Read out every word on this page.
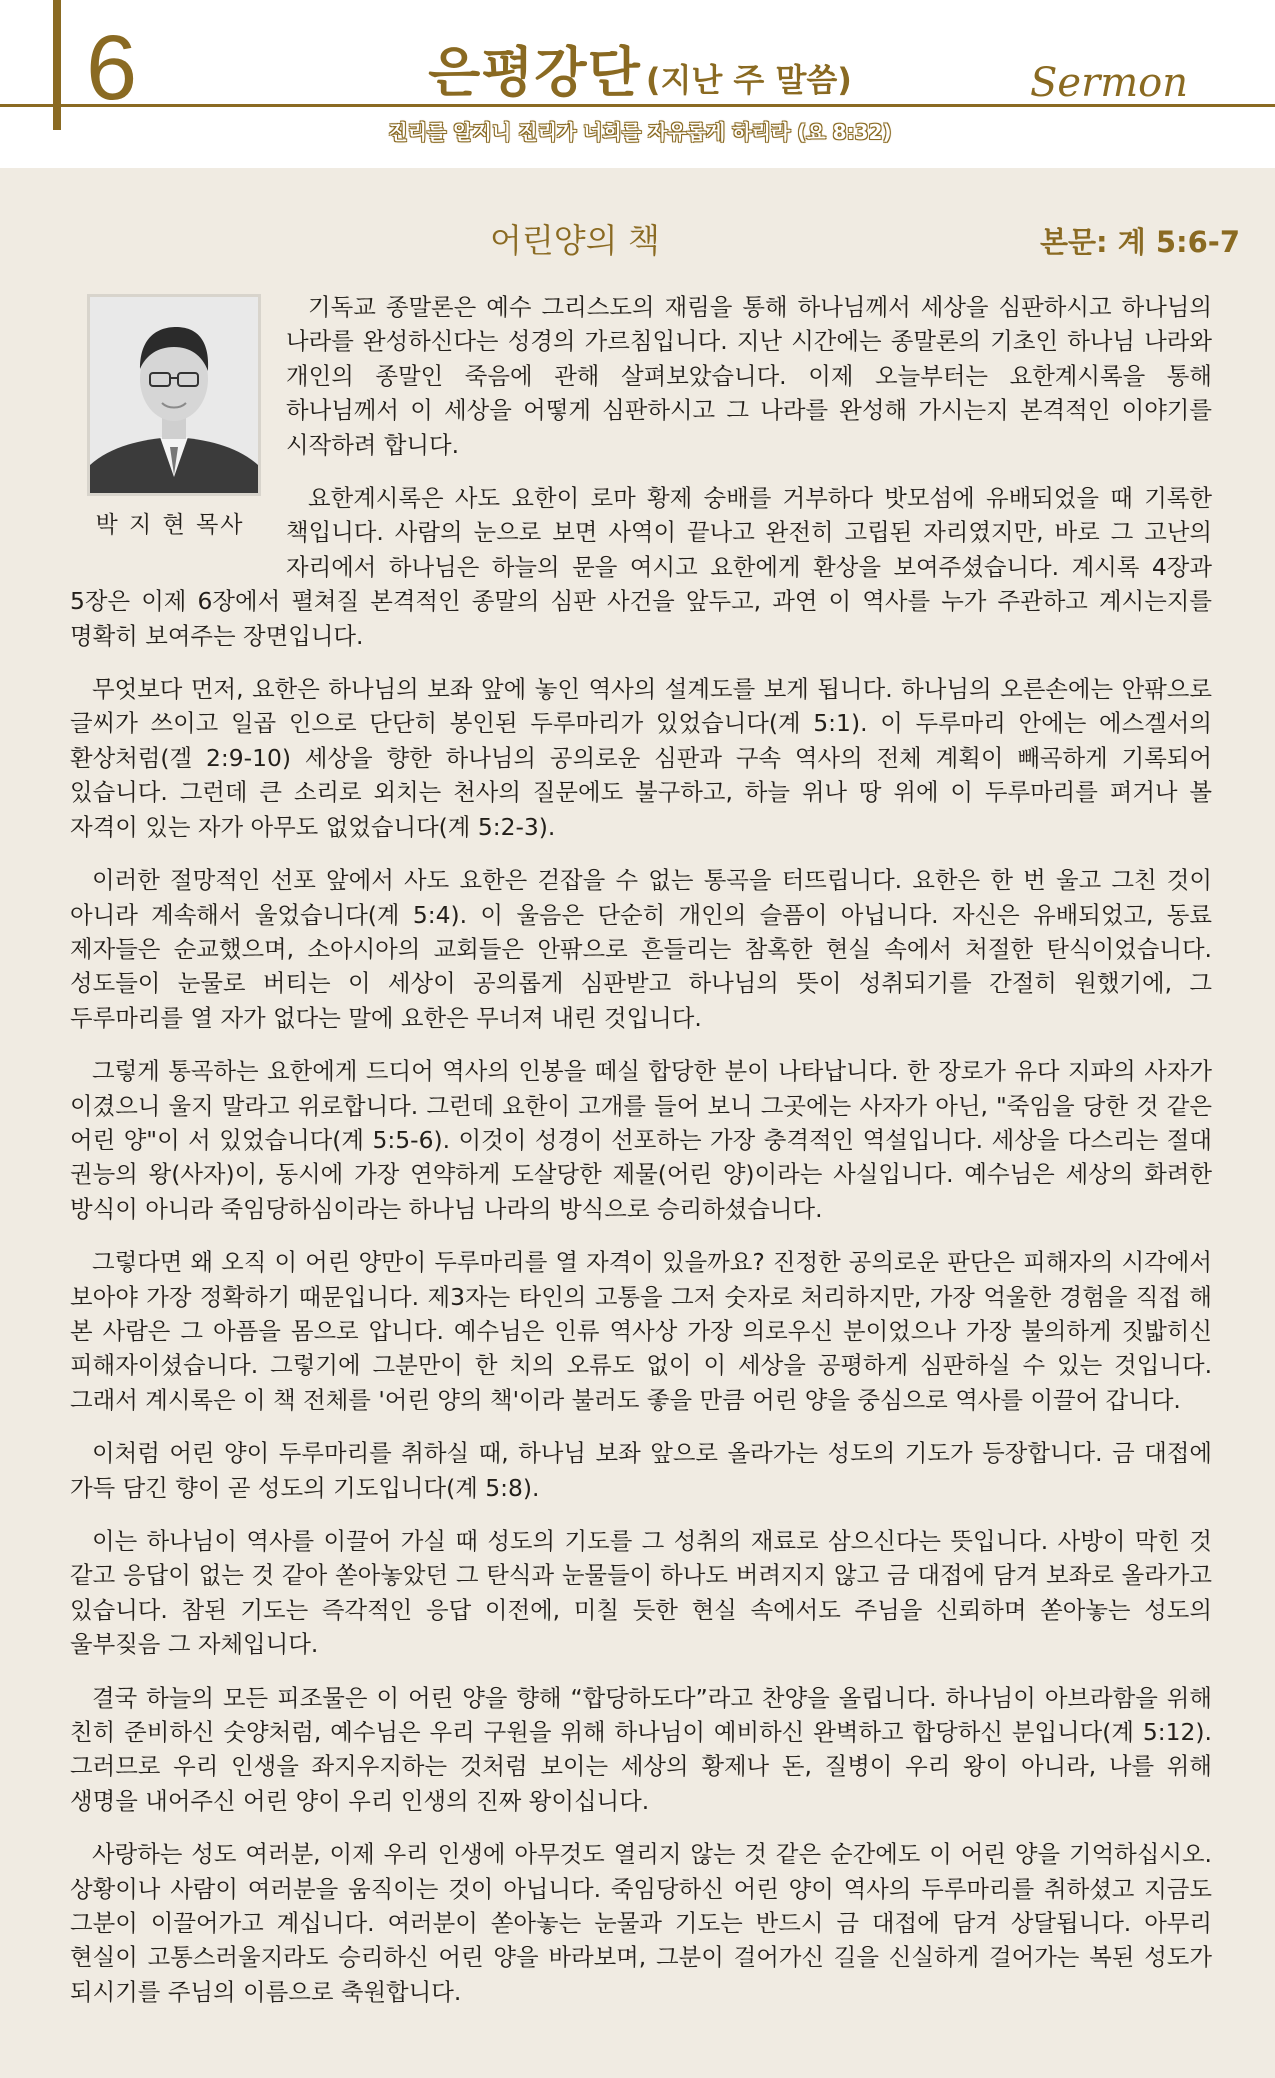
6	은평강단 (지난 주 말씀)	Sermon
진리를 알지니 진리가 너희를 자유롭게 하리라 (요 8:32)
어린양의 책	본문: 계 5:6-7
박 지 현 목사

기독교 종말론은 예수 그리스도의 재림을 통해 하나님께서 세상을 심판하시고 하나님의 나라를 완성하신다는 성경의 가르침입니다. 지난 시간에는 종말론의 기초인 하나님 나라와 개인의 종말인 죽음에 관해 살펴보았습니다. 이제 오늘부터는 요한계시록을 통해 하나님께서 이 세상을 어떻게 심판하시고 그 나라를 완성해 가시는지 본격적인 이야기를 시작하려 합니다.

요한계시록은 사도 요한이 로마 황제 숭배를 거부하다 밧모섬에 유배되었을 때 기록한 책입니다. 사람의 눈으로 보면 사역이 끝나고 완전히 고립된 자리였지만, 바로 그 고난의 자리에서 하나님은 하늘의 문을 여시고 요한에게 환상을 보여주셨습니다. 계시록 4장과 5장은 이제 6장에서 펼쳐질 본격적인 종말의 심판 사건을 앞두고, 과연 이 역사를 누가 주관하고 계시는지를 명확히 보여주는 장면입니다.

무엇보다 먼저, 요한은 하나님의 보좌 앞에 놓인 역사의 설계도를 보게 됩니다. 하나님의 오른손에는 안팎으로 글씨가 쓰이고 일곱 인으로 단단히 봉인된 두루마리가 있었습니다(계 5:1). 이 두루마리 안에는 에스겔서의 환상처럼(겔 2:9-10) 세상을 향한 하나님의 공의로운 심판과 구속 역사의 전체 계획이 빼곡하게 기록되어 있습니다. 그런데 큰 소리로 외치는 천사의 질문에도 불구하고, 하늘 위나 땅 위에 이 두루마리를 펴거나 볼 자격이 있는 자가 아무도 없었습니다(계 5:2-3).

이러한 절망적인 선포 앞에서 사도 요한은 걷잡을 수 없는 통곡을 터뜨립니다. 요한은 한 번 울고 그친 것이 아니라 계속해서 울었습니다(계 5:4). 이 울음은 단순히 개인의 슬픔이 아닙니다. 자신은 유배되었고, 동료 제자들은 순교했으며, 소아시아의 교회들은 안팎으로 흔들리는 참혹한 현실 속에서 처절한 탄식이었습니다. 성도들이 눈물로 버티는 이 세상이 공의롭게 심판받고 하나님의 뜻이 성취되기를 간절히 원했기에, 그 두루마리를 열 자가 없다는 말에 요한은 무너져 내린 것입니다.

그렇게 통곡하는 요한에게 드디어 역사의 인봉을 떼실 합당한 분이 나타납니다. 한 장로가 유다 지파의 사자가 이겼으니 울지 말라고 위로합니다. 그런데 요한이 고개를 들어 보니 그곳에는 사자가 아닌, "죽임을 당한 것 같은 어린 양"이 서 있었습니다(계 5:5-6). 이것이 성경이 선포하는 가장 충격적인 역설입니다. 세상을 다스리는 절대 권능의 왕(사자)이, 동시에 가장 연약하게 도살당한 제물(어린 양)이라는 사실입니다. 예수님은 세상의 화려한 방식이 아니라 죽임당하심이라는 하나님 나라의 방식으로 승리하셨습니다.

그렇다면 왜 오직 이 어린 양만이 두루마리를 열 자격이 있을까요? 진정한 공의로운 판단은 피해자의 시각에서 보아야 가장 정확하기 때문입니다. 제3자는 타인의 고통을 그저 숫자로 처리하지만, 가장 억울한 경험을 직접 해 본 사람은 그 아픔을 몸으로 압니다. 예수님은 인류 역사상 가장 의로우신 분이었으나 가장 불의하게 짓밟히신 피해자이셨습니다. 그렇기에 그분만이 한 치의 오류도 없이 이 세상을 공평하게 심판하실 수 있는 것입니다. 그래서 계시록은 이 책 전체를 '어린 양의 책'이라 불러도 좋을 만큼 어린 양을 중심으로 역사를 이끌어 갑니다.

이처럼 어린 양이 두루마리를 취하실 때, 하나님 보좌 앞으로 올라가는 성도의 기도가 등장합니다. 금 대접에 가득 담긴 향이 곧 성도의 기도입니다(계 5:8).

이는 하나님이 역사를 이끌어 가실 때 성도의 기도를 그 성취의 재료로 삼으신다는 뜻입니다. 사방이 막힌 것 같고 응답이 없는 것 같아 쏟아놓았던 그 탄식과 눈물들이 하나도 버려지지 않고 금 대접에 담겨 보좌로 올라가고 있습니다. 참된 기도는 즉각적인 응답 이전에, 미칠 듯한 현실 속에서도 주님을 신뢰하며 쏟아놓는 성도의 울부짖음 그 자체입니다.

결국 하늘의 모든 피조물은 이 어린 양을 향해 “합당하도다”라고 찬양을 올립니다. 하나님이 아브라함을 위해 친히 준비하신 숫양처럼, 예수님은 우리 구원을 위해 하나님이 예비하신 완벽하고 합당하신 분입니다(계 5:12). 그러므로 우리 인생을 좌지우지하는 것처럼 보이는 세상의 황제나 돈, 질병이 우리 왕이 아니라, 나를 위해 생명을 내어주신 어린 양이 우리 인생의 진짜 왕이십니다.

사랑하는 성도 여러분, 이제 우리 인생에 아무것도 열리지 않는 것 같은 순간에도 이 어린 양을 기억하십시오. 상황이나 사람이 여러분을 움직이는 것이 아닙니다. 죽임당하신 어린 양이 역사의 두루마리를 취하셨고 지금도 그분이 이끌어가고 계십니다. 여러분이 쏟아놓는 눈물과 기도는 반드시 금 대접에 담겨 상달됩니다. 아무리 현실이 고통스러울지라도 승리하신 어린 양을 바라보며, 그분이 걸어가신 길을 신실하게 걸어가는 복된 성도가 되시기를 주님의 이름으로 축원합니다.
